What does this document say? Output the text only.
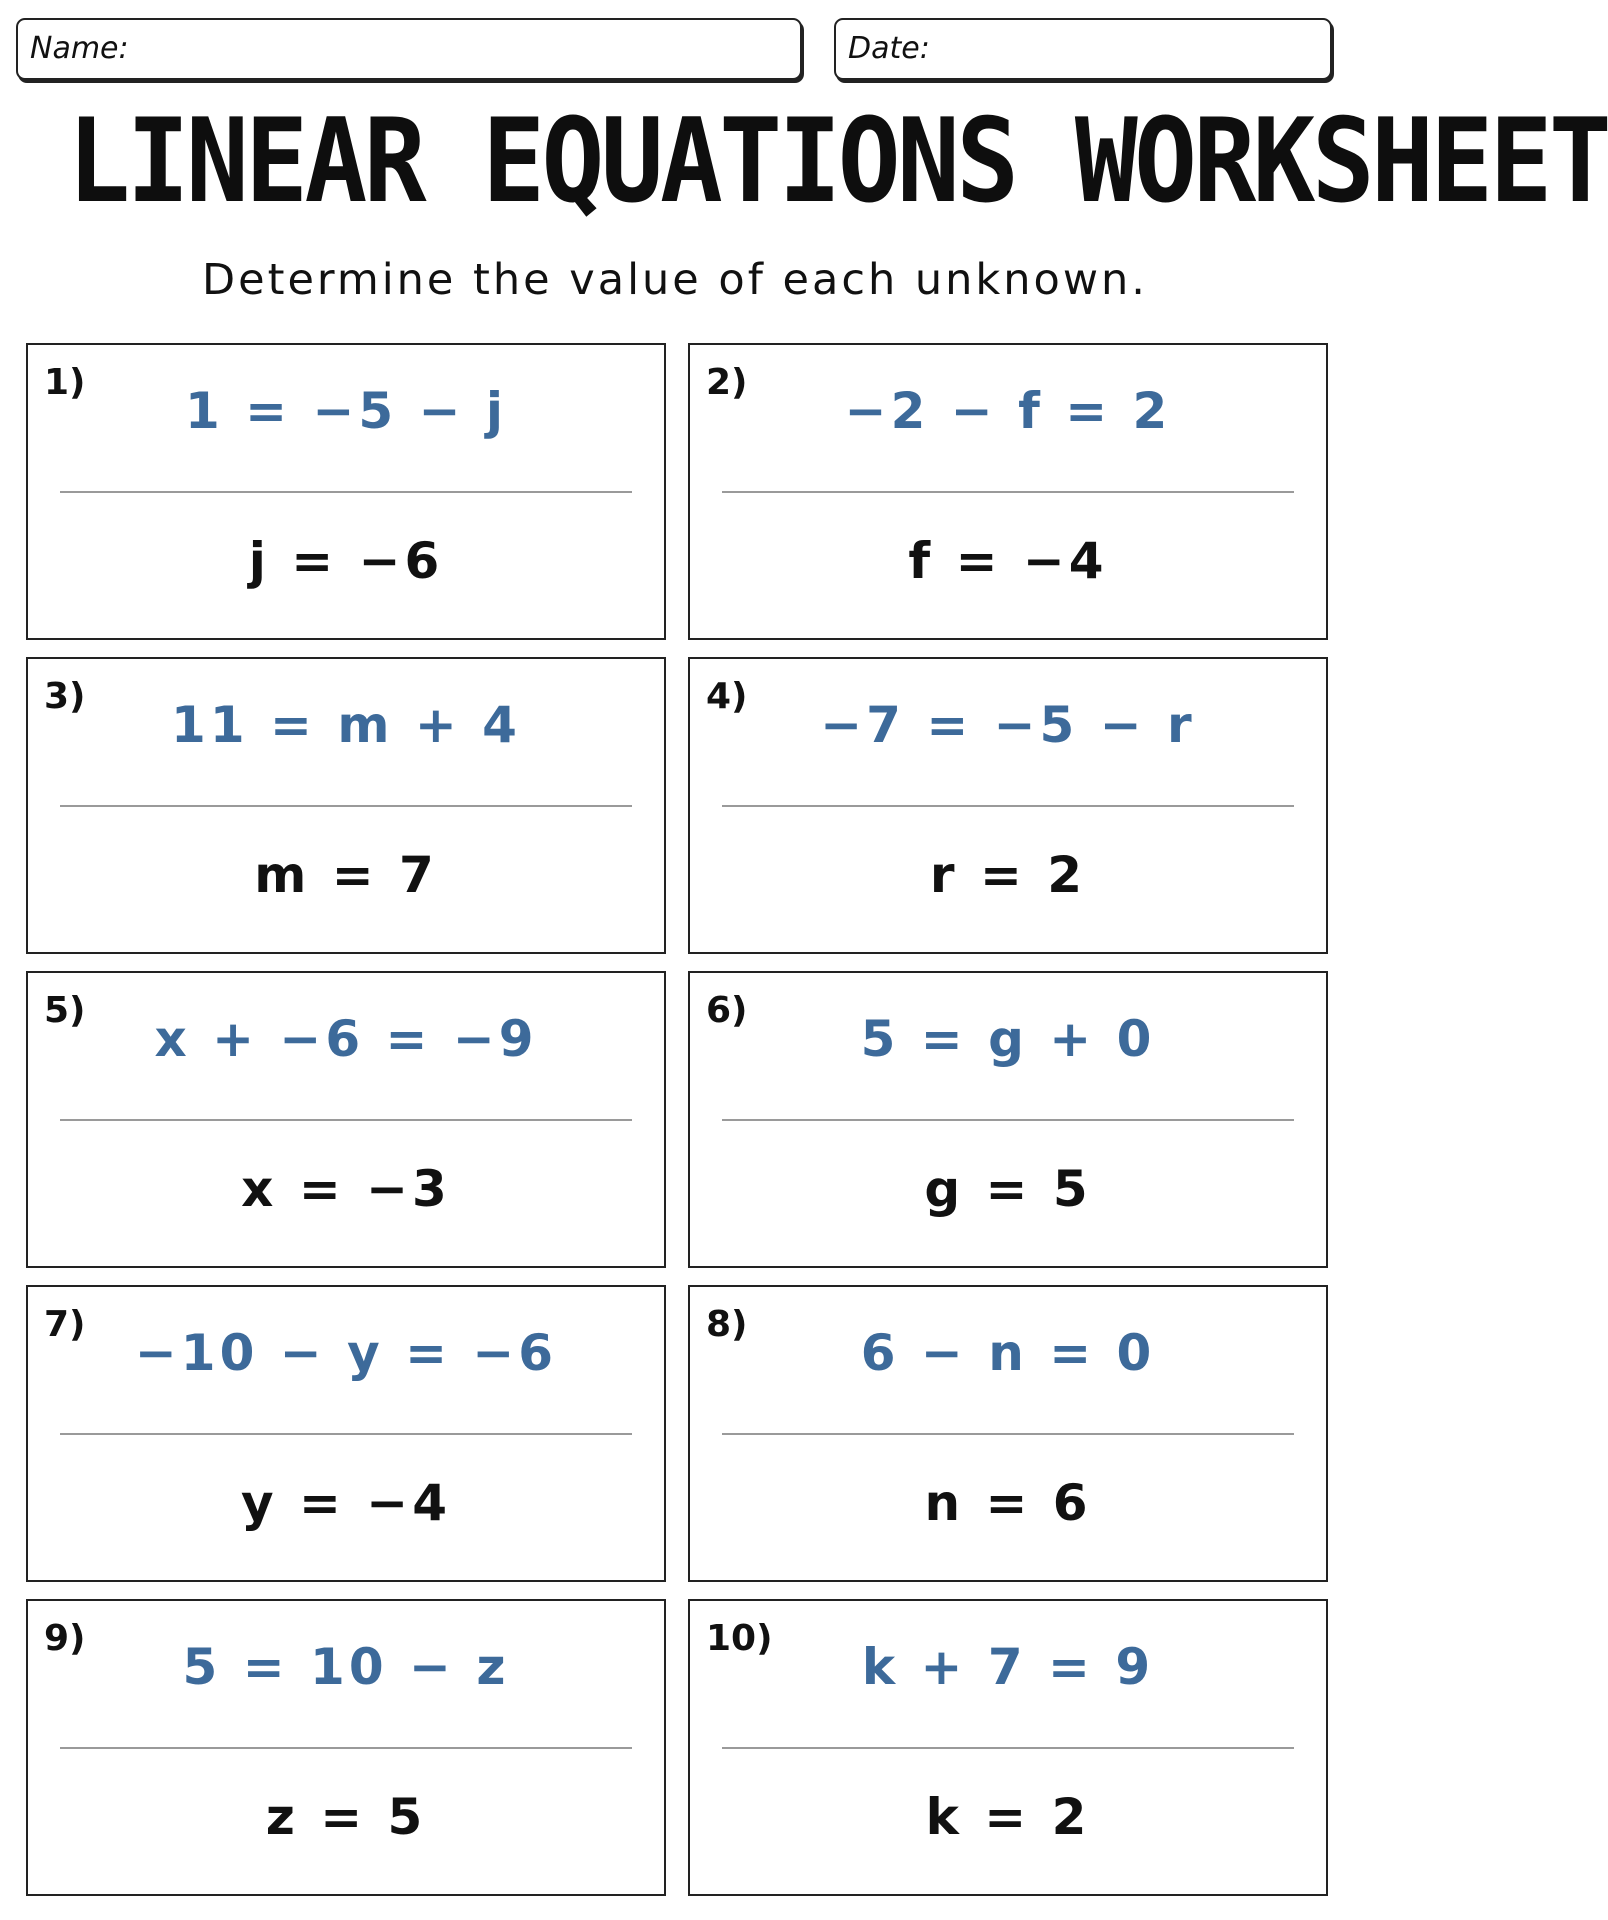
Name:	Date:
LINEAR EQUATIONS WORKSHEET
Determine the value of each unknown.
1)	1 = −5 − j
j = −6
2)	−2 − f = 2
f = −4
3)	11 = m + 4
m = 7
4)	−7 = −5 − r
r = 2
5)	x + −6 = −9
x = −3
6)	5 = g + 0
g = 5
7) −10 − y = −6
y = −4
8)	6 − n = 0
n = 6
9)	5 = 10 − z
z = 5
10)	k + 7 = 9
k = 2
